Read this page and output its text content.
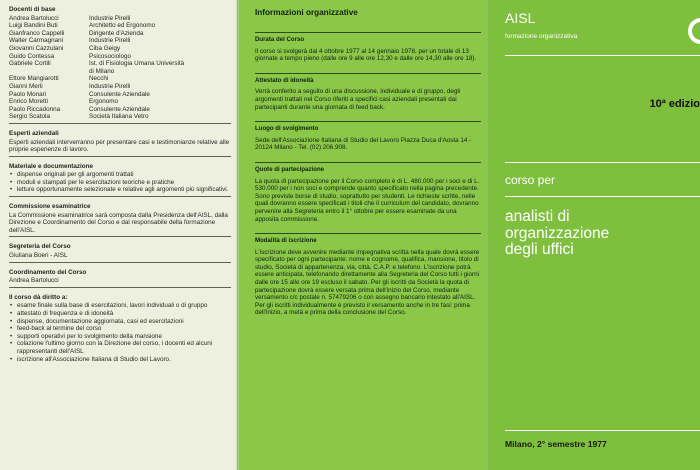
Docenti di base
Andrea Bartolucci	Industrie Pirelli
Luigi Bandini Buti	Architetto ed Ergonomo
Gianfranco Cappelli	Dirigente d'Azienda
Walter Carmagnani	Industrie Pirelli
Giovanni Cazzulani	Ciba Geigy
Guido Contessa	Psicosociologo
Gabriele Cortili	Ist. di Fisiologia Umana Università
di Milano
Ettore Mangiarotti	Necchi
Gianni Merli	Industrie Pirelli
Paolo Monari	Consulente Aziendale
Enrico Moretti	Ergonomo
Paolo Riccadonna	Consulente Aziendale
Sergio Scatola	Società Italiana Vetro
Esperti aziendali
Esperti aziendali interverranno per presentare casi e testimonianze relative alle proprie esperienze di lavoro.
Materiale e documentazione
• dispense originali per gli argomenti trattati
• moduli e stampati per le esercitazioni teoriche e pratiche
• letture opportunamente selezionate e relative agli argomenti più significativi.
Commissione esaminatrice
La Commissione esaminatrice sarà composta dalla Presidenza dell'AISL, dalla Direzione e Coordinamento del Corso e dal responsabile della formazione dell'AISL.
Segreteria del Corso
Giuliana Boeri - AISL
Coordinamento del Corso
Andrea Bartolucci
Il corso dà diritto a:
• esame finale sulla base di esercitazioni, lavori individuali o di gruppo
• attestato di frequenza e di idoneità
• dispense, documentazione aggiornata, casi ed esercitazioni
• feed-back al termine del corso
• supporti operativi per lo svolgimento della mansione
• colazione l'ultimo giorno con la Direzione del corso, i docenti ed alcuni rappresentanti dell'AISL
• iscrizione all'Associazione Italiana di Studio del Lavoro.
Informazioni organizzative
Durata del Corso

Il corso si svolgerà dal 4 ottobre 1977 al 14 gennaio 1978, per un totale di 13 giornate a tempo pieno (dalle ore 9 alle ore 12,30 e dalle ore 14,30 alle ore 18).

Attestato di idoneità

Verrà conferito a seguito di una discussione, individuale e di gruppo, degli argomenti trattati nel Corso riferiti a specifici casi aziendali presentati dai partecipanti durante una giornata di feed back.

Luogo di svolgimento

Sede dell'Associazione Italiana di Studio del Lavoro Piazza Duca d'Aosta 14 - 20124 Milano - Tel. (02) 206.908.

Quote di partecipazione

La quota di partecipazione per il Corso completo è di L. 480.000 per i soci e di L. 530.000 per i non soci e comprende quanto specificato nella pagina precedente. Sono previste borse di studio, soprattutto per studenti. Le richieste scritte, nelle quali dovranno essere specificati i titoli che il curriculum del candidato, dovranno pervenire alla Segreteria entro il 1° ottobre per essere esaminate da una apposita commissione.

Modalità di iscrizione

L'iscrizione deve avvenire mediante impegnativa scritta nella quale dovrà essere specificato per ogni partecipante: nome e cognome, qualifica, mansione, titolo di studio, Società di appartenenza, via, città, C.A.P. e telefono. L'iscrizione potrà essere anticipata, telefonando direttamente alla Segreteria del Corso tutti i giorni dalle ore 15 alle ore 19 escluso il sabato. Per gli iscritti da Società la quota di partecipazione dovrà essere versata prima dell'inizio del Corso, mediante versamento c/c postale n. 57479206 o con assegno bancario intestato all'AISL. Per gli iscritti individualmente è previsto il versamento anche in tre fasi: prima dell'inizio, a metà e prima della conclusione del Corso.

AISL
formazione organizzativa
10ª edizio
corso per
analisti di
organizzazione
degli uffici
Milano, 2° semestre 1977
